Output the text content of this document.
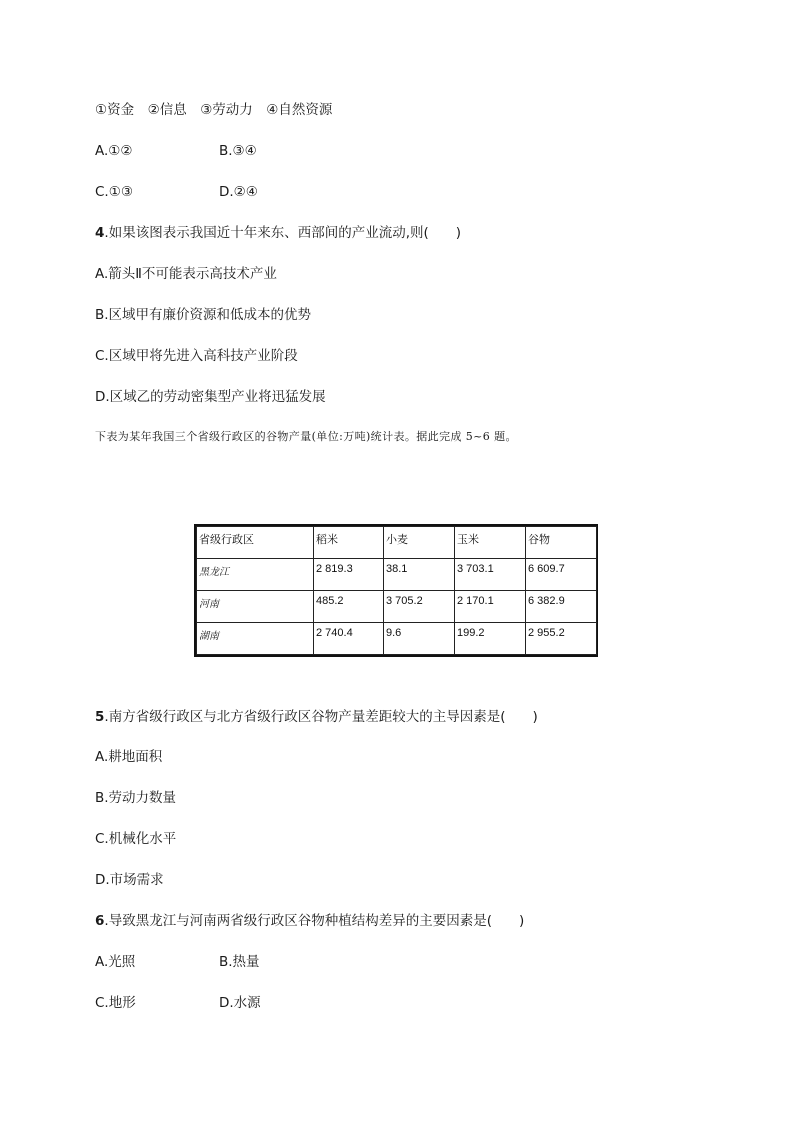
①资金　②信息　③劳动力　④自然资源
A.①②	B.③④
C.①③	D.②④
4.如果该图表示我国近十年来东、西部间的产业流动,则(　　)
A.箭头Ⅱ不可能表示高技术产业
B.区域甲有廉价资源和低成本的优势
C.区域甲将先进入高科技产业阶段
D.区域乙的劳动密集型产业将迅猛发展
下表为某年我国三个省级行政区的谷物产量(单位:万吨)统计表。据此完成 5~6 题。
省级行政区	稻米	小麦	玉米	谷物
黑龙江	2 819.3	38.1	3 703.1	6 609.7
河南	485.2	3 705.2	2 170.1	6 382.9
湖南	2 740.4	9.6	199.2	2 955.2
5.南方省级行政区与北方省级行政区谷物产量差距较大的主导因素是(　　)
A.耕地面积
B.劳动力数量
C.机械化水平
D.市场需求
6.导致黑龙江与河南两省级行政区谷物种植结构差异的主要因素是(　　)
A.光照	B.热量
C.地形	D.水源
